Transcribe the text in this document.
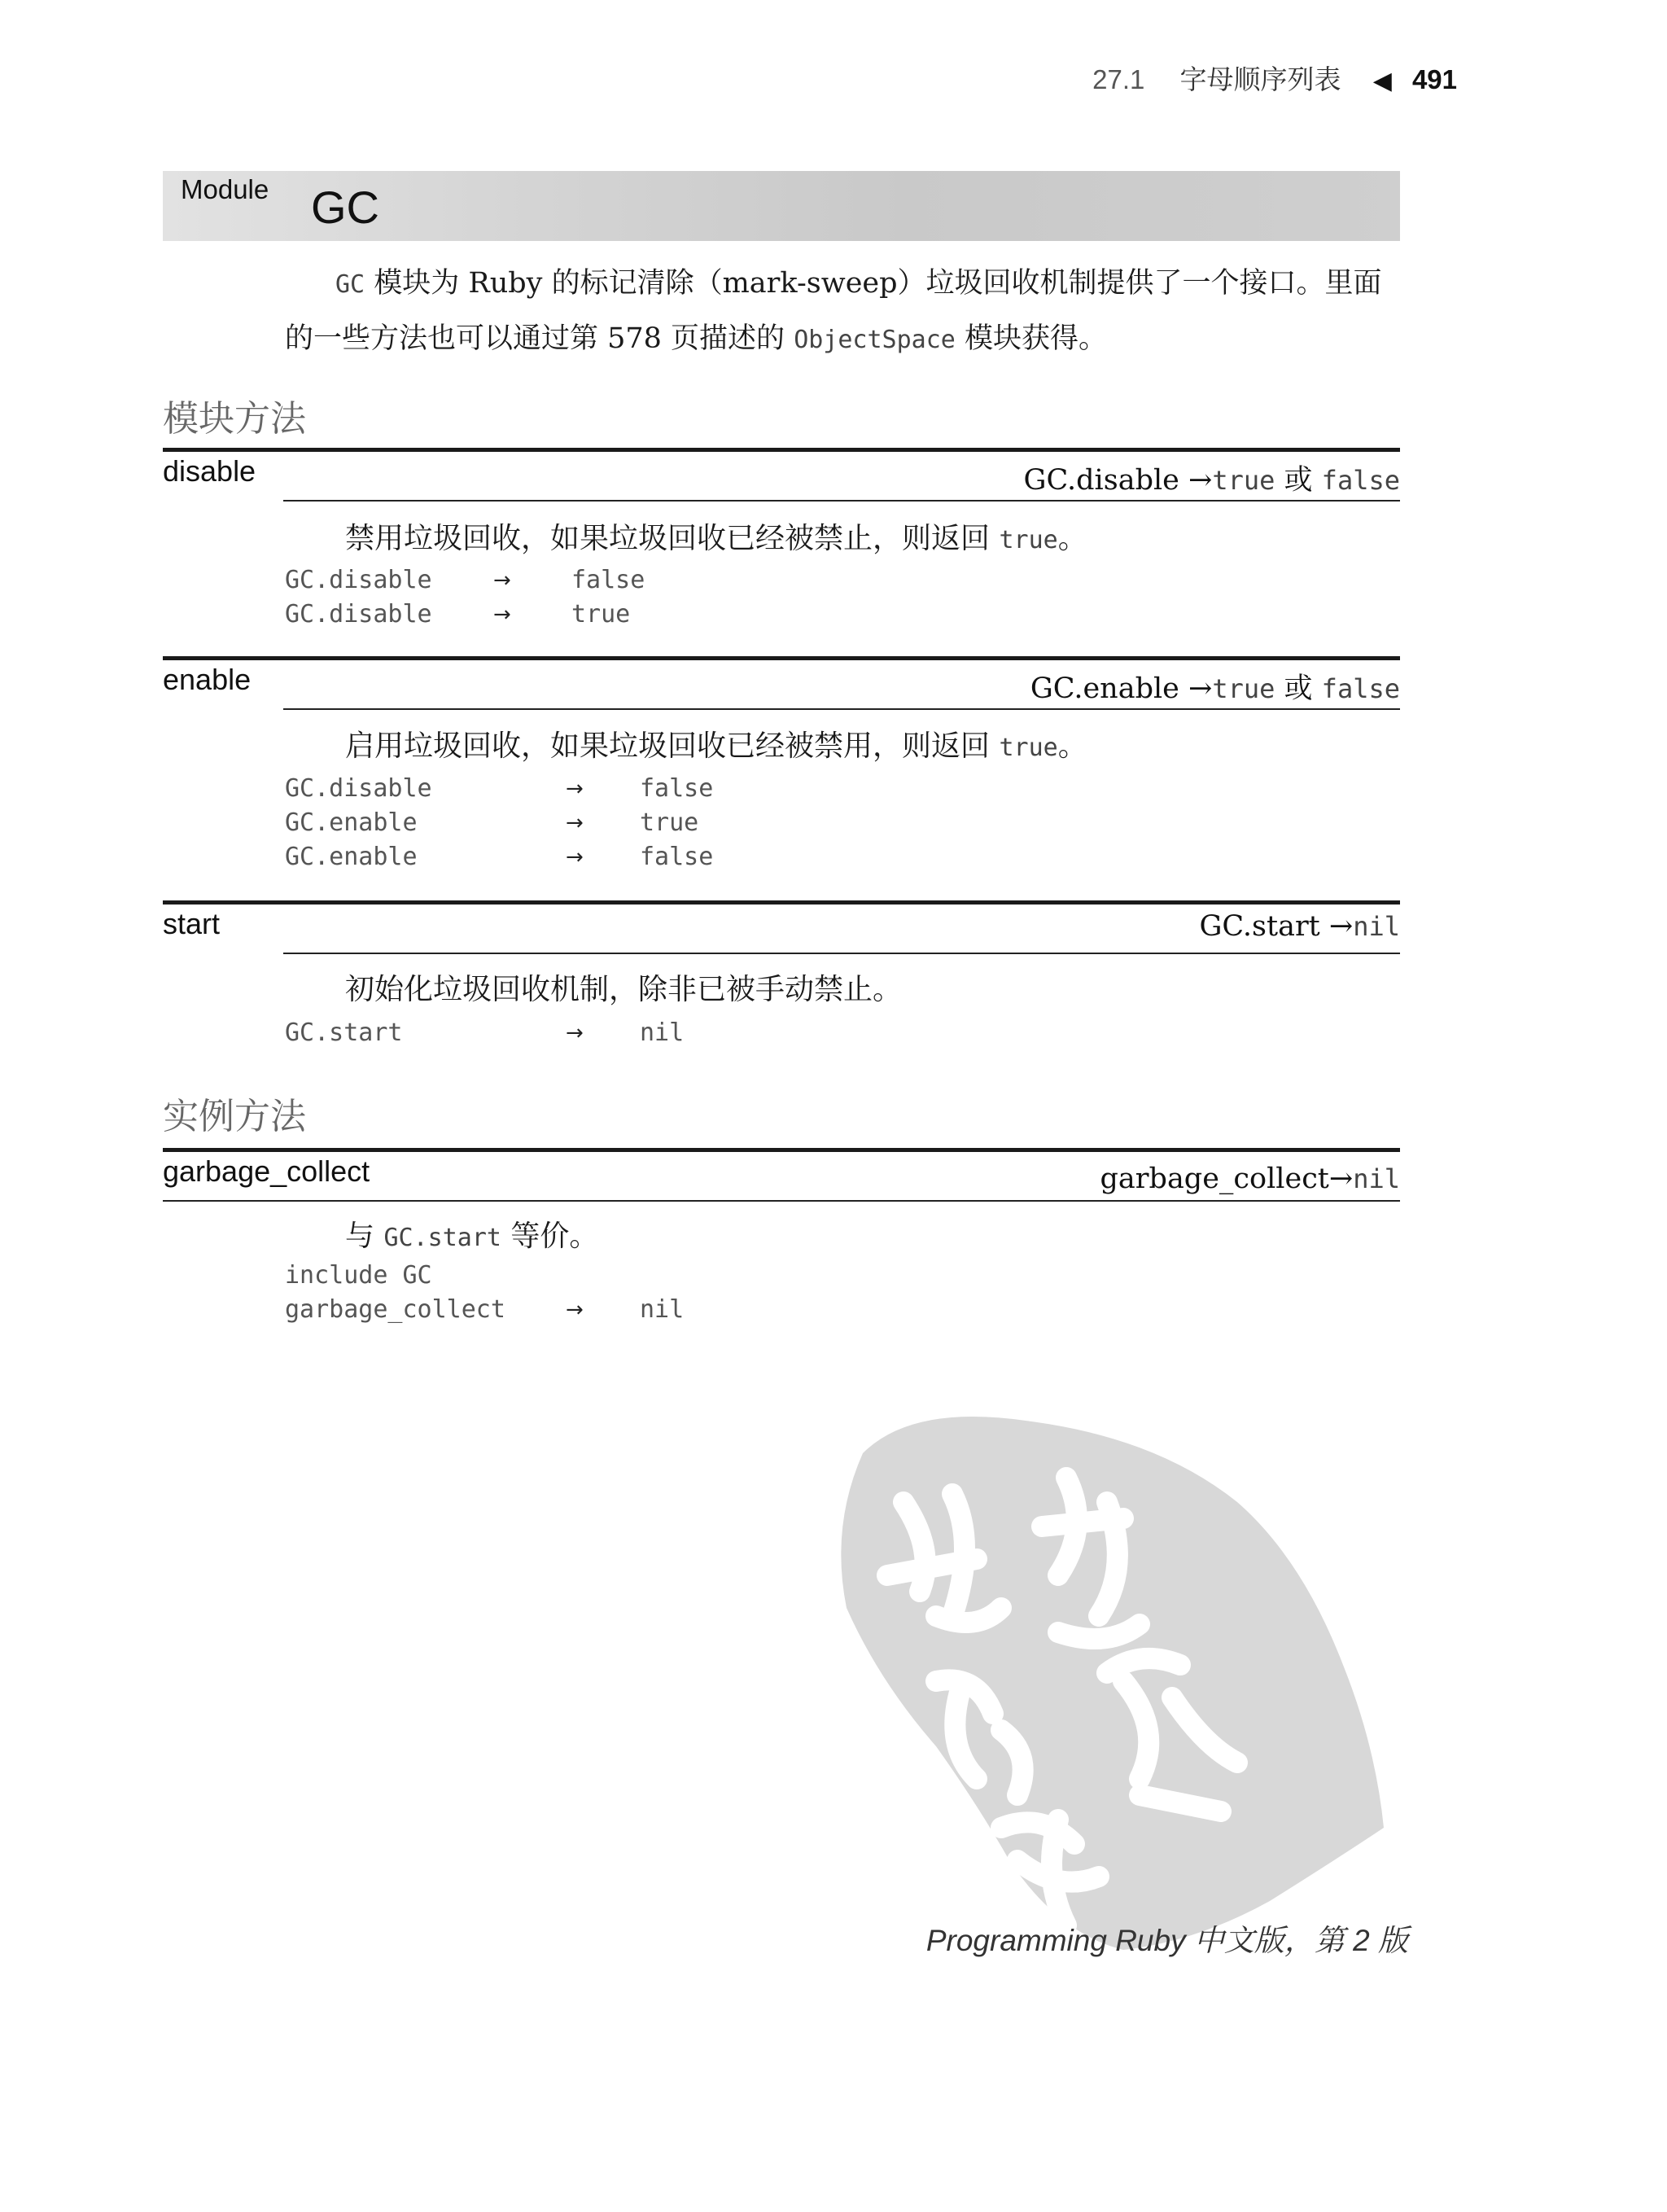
27.1 字母顺序列表 ◀ 491
Module GC
GC 模块为 Ruby 的标记清除（mark-sweep）垃圾回收机制提供了一个接口。里面
的一些方法也可以通过第 578 页描述的 ObjectSpace 模块获得。
模块方法
disable	GC.disable →true 或 false
禁用垃圾回收，如果垃圾回收已经被禁止，则返回 true。
GC.disable	→ false
GC.disable	→ true
enable	GC.enable →true 或 false
启用垃圾回收，如果垃圾回收已经被禁用，则返回 true。
GC.disable	→ false
GC.enable	→ true
GC.enable	→ false
start	GC.start →nil
初始化垃圾回收机制，除非已被手动禁止。
GC.start	→ nil
实例方法
garbage_collect	garbage_collect→nil
与 GC.start 等价。
include GC
garbage_collect	→ nil
Programming Ruby 中文版，第 2 版
